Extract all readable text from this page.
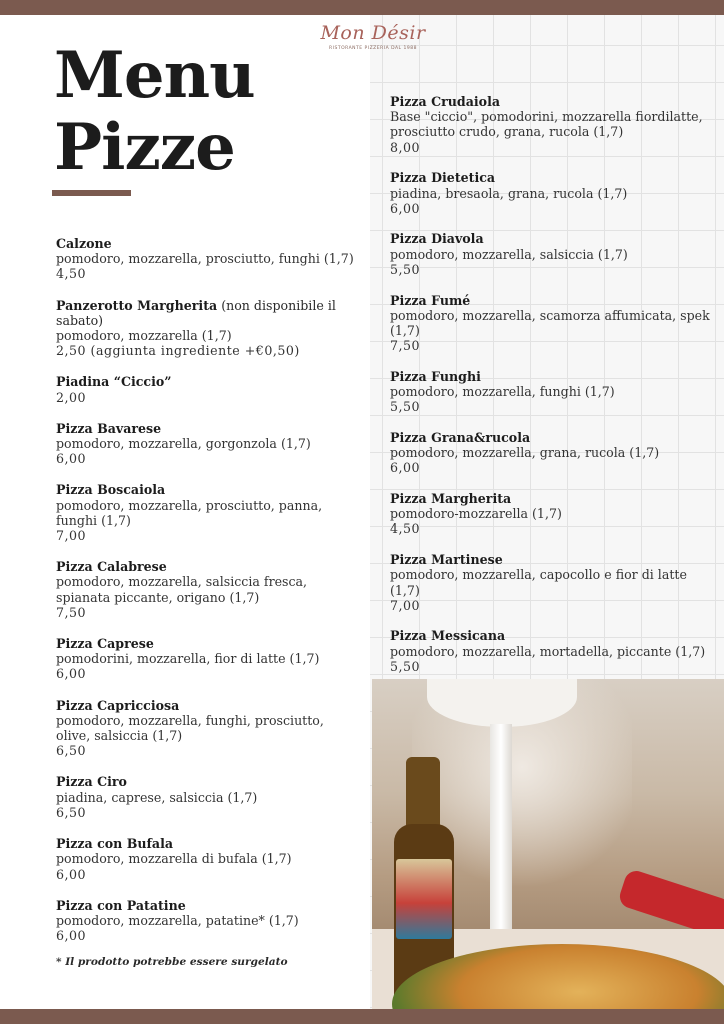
Mon Désir
RISTORANTE PIZZERIA DAL 1988
Menu
Pizze
Calzone
pomodoro, mozzarella, prosciutto, funghi (1,7)
4,50
Panzerotto Margherita (non disponibile il sabato)
pomodoro, mozzarella (1,7)
2,50 (aggiunta ingrediente +€0,50)
Piadina “Ciccio”
2,00
Pizza Bavarese
pomodoro, mozzarella, gorgonzola (1,7)
6,00
Pizza Boscaiola
pomodoro, mozzarella, prosciutto, panna, funghi (1,7)
7,00
Pizza Calabrese
pomodoro, mozzarella, salsiccia fresca, spianata piccante, origano (1,7)
7,50
Pizza Caprese
pomodorini, mozzarella, fior di latte (1,7)
6,00
Pizza Capricciosa
pomodoro, mozzarella, funghi, prosciutto, olive, salsiccia (1,7)
6,50
Pizza Ciro
piadina, caprese, salsiccia (1,7)
6,50
Pizza con Bufala
pomodoro, mozzarella di bufala (1,7)
6,00
Pizza con Patatine
pomodoro, mozzarella, patatine* (1,7)
6,00
* Il prodotto potrebbe essere surgelato
Pizza Crudaiola
Base "ciccio", pomodorini, mozzarella fiordilatte, prosciutto crudo, grana, rucola (1,7)
8,00
Pizza Dietetica
piadina, bresaola, grana, rucola (1,7)
6,00
Pizza Diavola
pomodoro, mozzarella, salsiccia (1,7)
5,50
Pizza Fumé
pomodoro, mozzarella, scamorza affumicata, spek (1,7)
7,50
Pizza Funghi
pomodoro, mozzarella, funghi (1,7)
5,50
Pizza Grana&rucola
pomodoro, mozzarella, grana, rucola (1,7)
6,00
Pizza Margherita
pomodoro-mozzarella (1,7)
4,50
Pizza Martinese
pomodoro, mozzarella, capocollo e fior di latte (1,7)
7,00
Pizza Messicana
pomodoro, mozzarella, mortadella, piccante (1,7)
5,50
